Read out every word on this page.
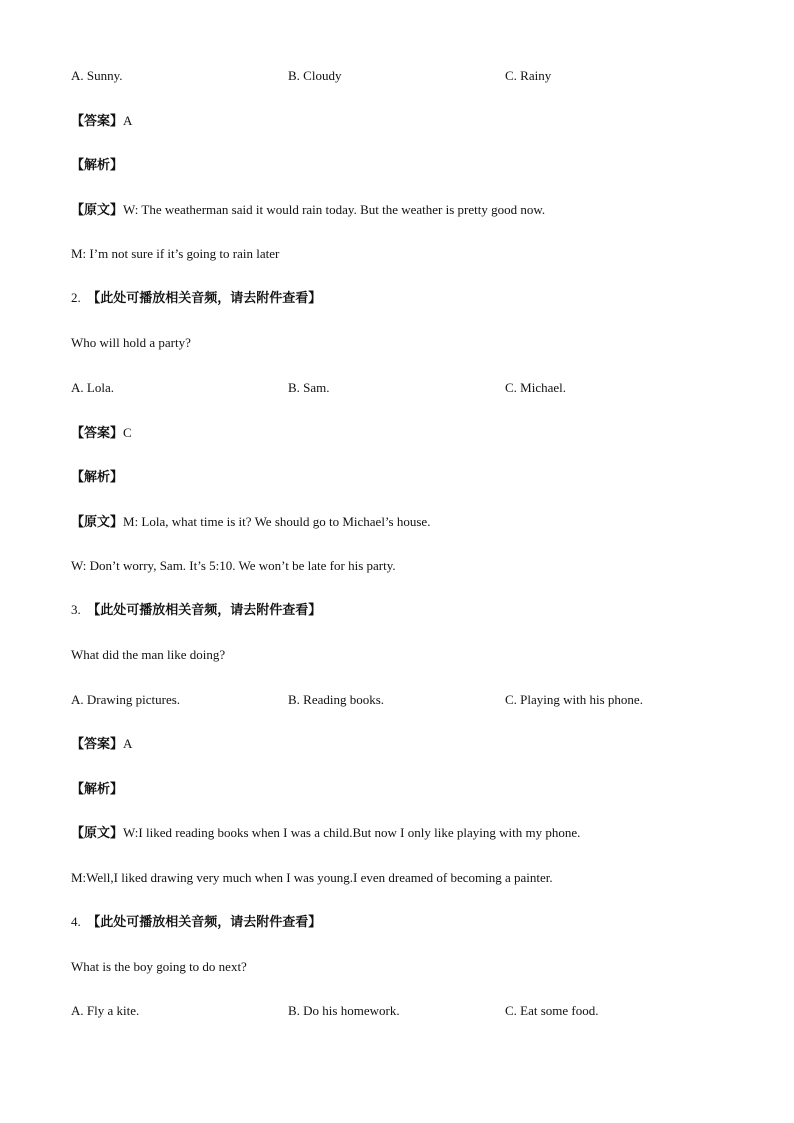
A. Sunny.	B. Cloudy	C. Rainy
【答案】A
【解析】
【原文】W: The weatherman said it would rain today. But the weather is pretty good now.
M: I’m not sure if it’s going to rain later
2. 【此处可播放相关音频，请去附件查看】
Who will hold a party?
A. Lola.	B. Sam.	C. Michael.
【答案】C
【解析】
【原文】M: Lola, what time is it? We should go to Michael’s house.
W: Don’t worry, Sam. It’s 5:10. We won’t be late for his party.
3. 【此处可播放相关音频，请去附件查看】
What did the man like doing?
A. Drawing pictures.	B. Reading books.	C. Playing with his phone.
【答案】A
【解析】
【原文】W:I liked reading books when I was a child.But now I only like playing with my phone.
M:Well,I liked drawing very much when I was young.I even dreamed of becoming a painter.
4. 【此处可播放相关音频，请去附件查看】
What is the boy going to do next?
A. Fly a kite.	B. Do his homework.	C. Eat some food.
